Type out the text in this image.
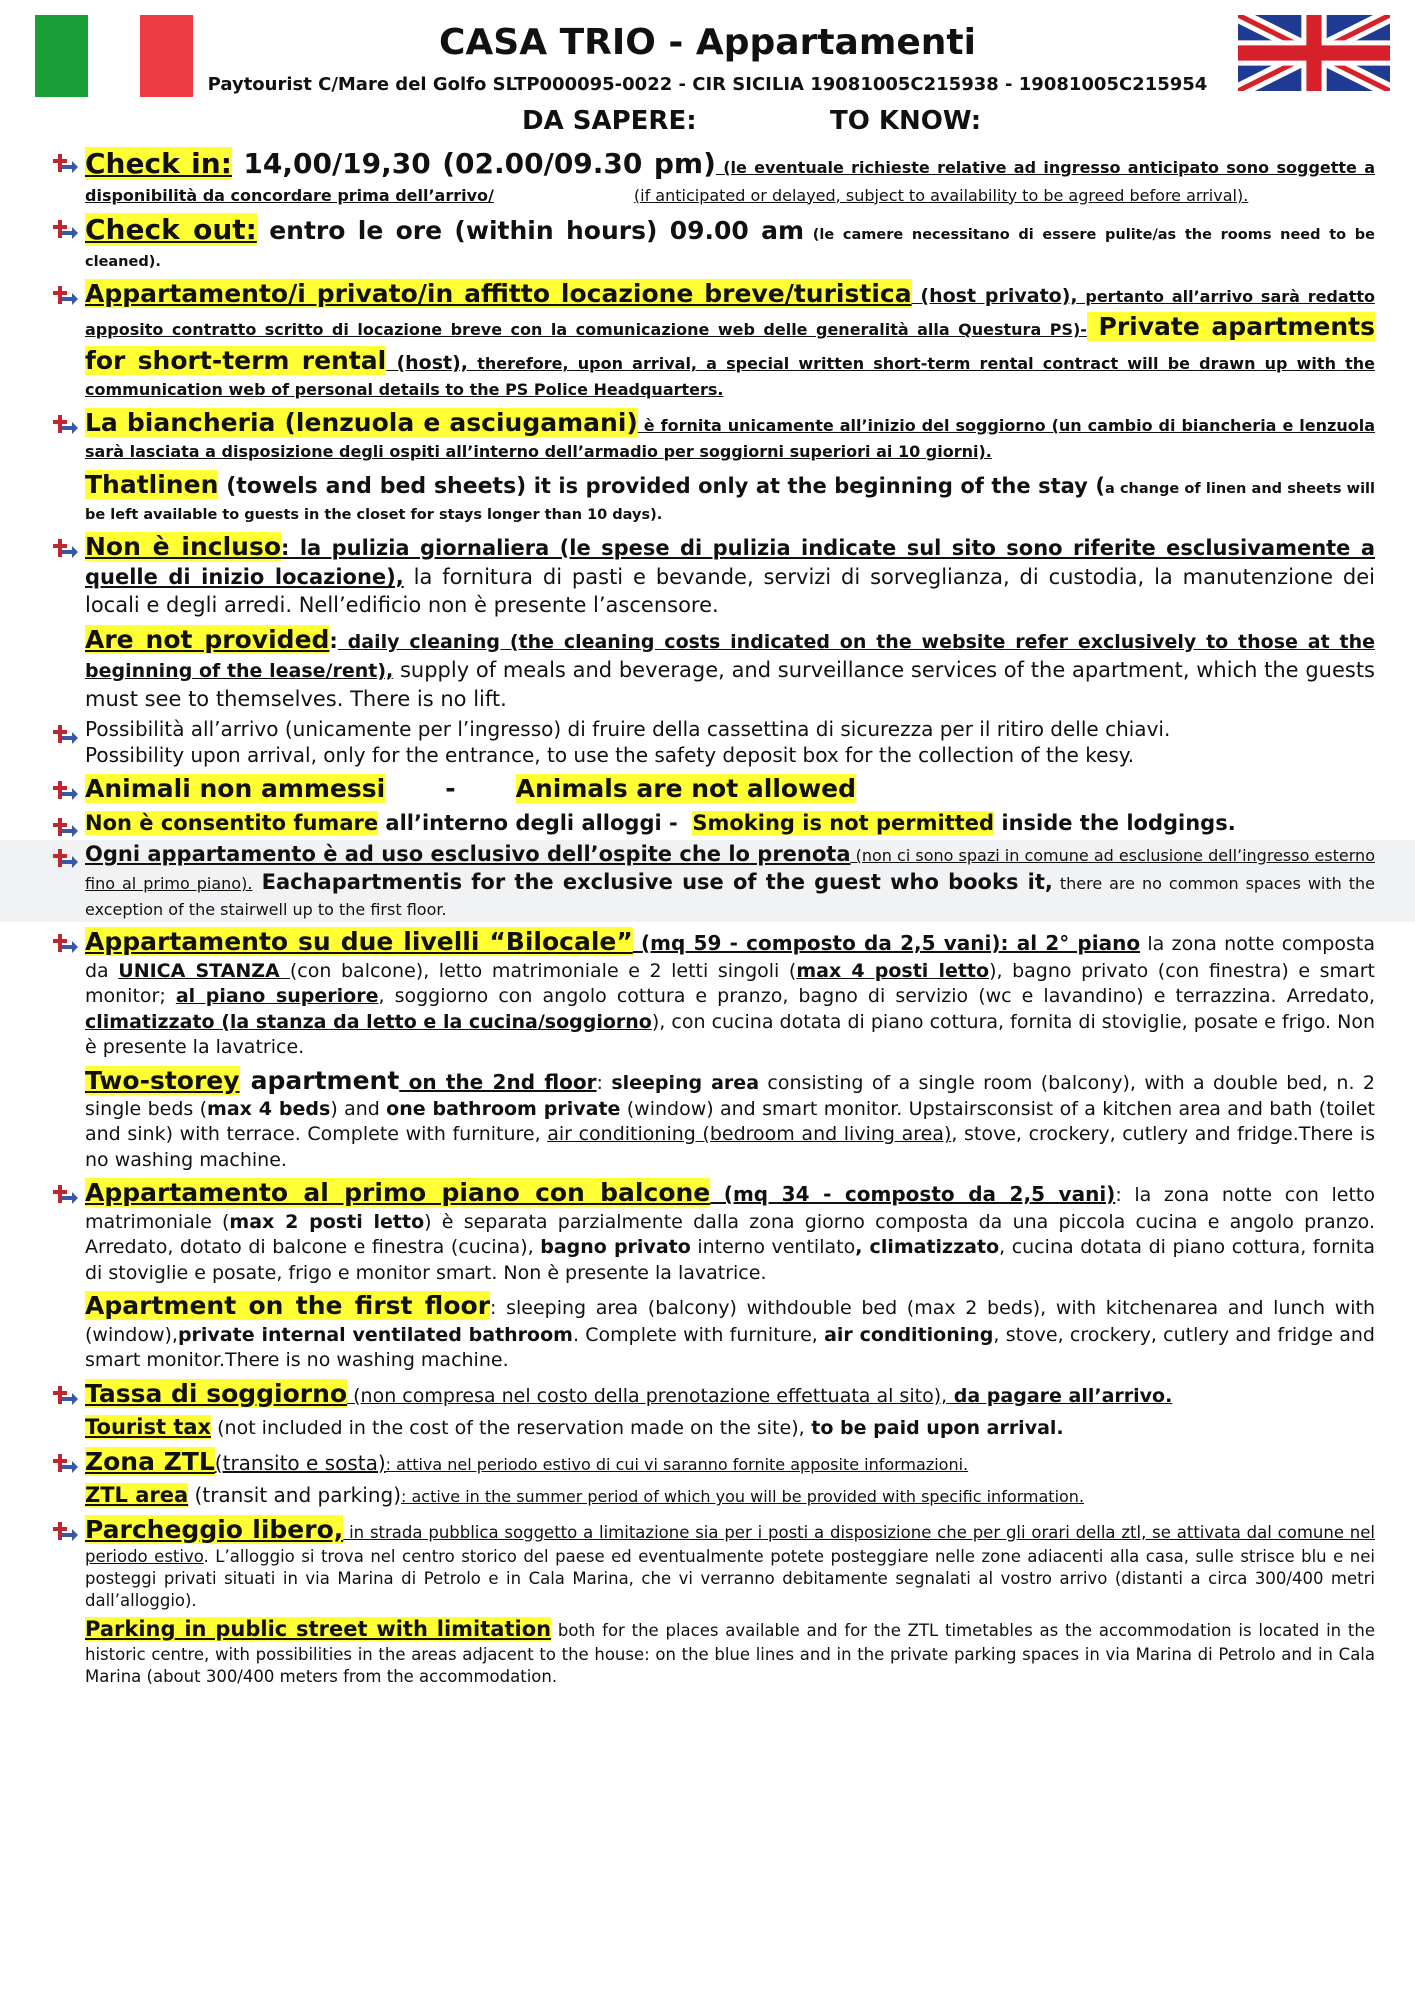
CASA TRIO - Appartamenti
Paytourist C/Mare del Golfo SLTP000095-0022 - CIR SICILIA 19081005C215938 - 19081005C215954
DA SAPERE:	TO KNOW:
Check in: 14,00/19,30 (02.00/09.30 pm) (le eventuale richieste relative ad ingresso anticipato sono soggette a disponibilità da concordare prima dell’arrivo/	(if anticipated or delayed, subject to availability to be agreed before arrival).
Check out: entro le ore (within hours) 09.00 am (le camere necessitano di essere pulite/as the rooms need to be cleaned).
Appartamento/i privato/in affitto locazione breve/turistica (host privato), pertanto all’arrivo sarà redatto apposito contratto scritto di locazione breve con la comunicazione web delle generalità alla Questura PS)- Private apartments for short-term rental (host), therefore, upon arrival, a special written short-term rental contract will be drawn up with the communication web of personal details to the PS Police Headquarters.
La biancheria (lenzuola e asciugamani) è fornita unicamente all’inizio del soggiorno (un cambio di biancheria e lenzuola sarà lasciata a disposizione degli ospiti all’interno dell’armadio per soggiorni superiori ai 10 giorni).
Thatlinen (towels and bed sheets) it is provided only at the beginning of the stay (a change of linen and sheets will be left available to guests in the closet for stays longer than 10 days).
Non è incluso: la pulizia giornaliera (le spese di pulizia indicate sul sito sono riferite esclusivamente a quelle di inizio locazione), la fornitura di pasti e bevande, servizi di sorveglianza, di custodia, la manutenzione dei locali e degli arredi. Nell’edificio non è presente l’ascensore.
Are not provided: daily cleaning (the cleaning costs indicated on the website refer exclusively to those at the beginning of the lease/rent), supply of meals and beverage, and surveillance services of the apartment, which the guests must see to themselves. There is no lift.
Possibilità all’arrivo (unicamente per l’ingresso) di fruire della cassettina di sicurezza per il ritiro delle chiavi.
Possibility upon arrival, only for the entrance, to use the safety deposit box for the collection of the kesy.
Animali non ammessi - Animals are not allowed
Non è consentito fumare all’interno degli alloggi - Smoking is not permitted inside the lodgings.
Ogni appartamento è ad uso esclusivo dell’ospite che lo prenota (non ci sono spazi in comune ad esclusione dell’ingresso esterno fino al primo piano). Eachapartmentis for the exclusive use of the guest who books it, there are no common spaces with the exception of the stairwell up to the first floor.
Appartamento su due livelli “Bilocale” (mq 59 - composto da 2,5 vani): al 2° piano la zona notte composta da UNICA STANZA (con balcone), letto matrimoniale e 2 letti singoli (max 4 posti letto), bagno privato (con finestra) e smart monitor; al piano superiore, soggiorno con angolo cottura e pranzo, bagno di servizio (wc e lavandino) e terrazzina. Arredato, climatizzato (la stanza da letto e la cucina/soggiorno), con cucina dotata di piano cottura, fornita di stoviglie, posate e frigo. Non è presente la lavatrice.
Two-storey apartment on the 2nd floor: sleeping area consisting of a single room (balcony), with a double bed, n. 2 single beds (max 4 beds) and one bathroom private (window) and smart monitor. Upstairsconsist of a kitchen area and bath (toilet and sink) with terrace. Complete with furniture, air conditioning (bedroom and living area), stove, crockery, cutlery and fridge.There is no washing machine.
Appartamento al primo piano con balcone (mq 34 - composto da 2,5 vani): la zona notte con letto matrimoniale (max 2 posti letto) è separata parzialmente dalla zona giorno composta da una piccola cucina e angolo pranzo. Arredato, dotato di balcone e finestra (cucina), bagno privato interno ventilato, climatizzato, cucina dotata di piano cottura, fornita di stoviglie e posate, frigo e monitor smart. Non è presente la lavatrice.
Apartment on the first floor: sleeping area (balcony) withdouble bed (max 2 beds), with kitchenarea and lunch with (window),private internal ventilated bathroom. Complete with furniture, air conditioning, stove, crockery, cutlery and fridge and smart monitor.There is no washing machine.
Tassa di soggiorno (non compresa nel costo della prenotazione effettuata al sito), da pagare all’arrivo.
Tourist tax (not included in the cost of the reservation made on the site), to be paid upon arrival.
Zona ZTL(transito e sosta): attiva nel periodo estivo di cui vi saranno fornite apposite informazioni.
ZTL area (transit and parking): active in the summer period of which you will be provided with specific information.
Parcheggio libero, in strada pubblica soggetto a limitazione sia per i posti a disposizione che per gli orari della ztl, se attivata dal comune nel periodo estivo. L’alloggio si trova nel centro storico del paese ed eventualmente potete posteggiare nelle zone adiacenti alla casa, sulle strisce blu e nei posteggi privati situati in via Marina di Petrolo e in Cala Marina, che vi verranno debitamente segnalati al vostro arrivo (distanti a circa 300/400 metri dall’alloggio).
Parking in public street with limitation both for the places available and for the ZTL timetables as the accommodation is located in the historic centre, with possibilities in the areas adjacent to the house: on the blue lines and in the private parking spaces in via Marina di Petrolo and in Cala Marina (about 300/400 meters from the accommodation.
